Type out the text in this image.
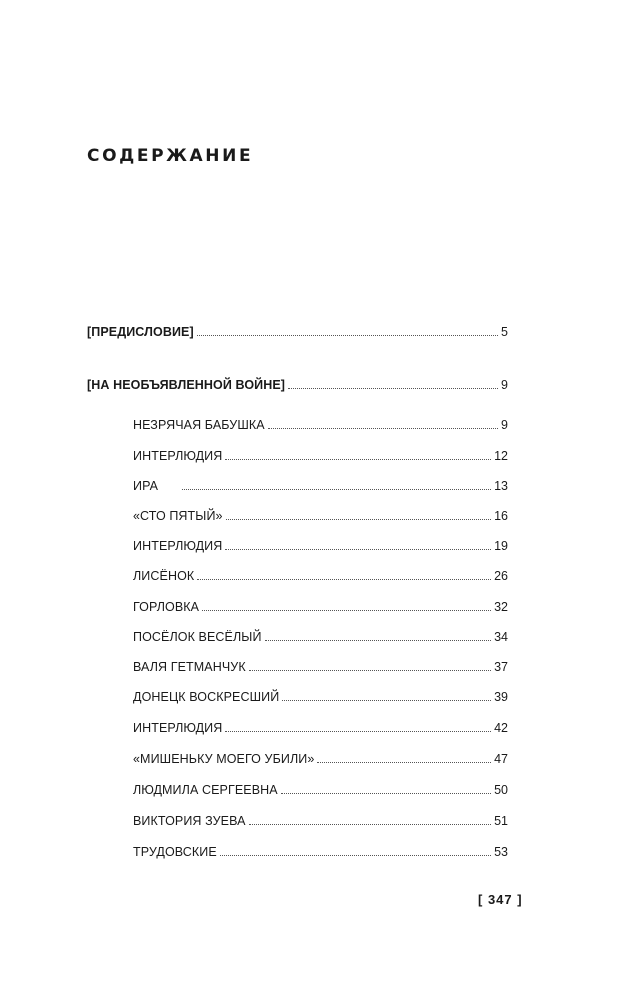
СОДЕРЖАНИЕ
[ПРЕДИСЛОВИЕ]	5
[НА НЕОБЪЯВЛЕННОЙ ВОЙНЕ]	9
НЕЗРЯЧАЯ БАБУШКА	9
ИНТЕРЛЮДИЯ	12
ИРА	13
«СТО ПЯТЫЙ»	16
ИНТЕРЛЮДИЯ	19
ЛИСЁНОК	26
ГОРЛОВКА	32
ПОСЁЛОК ВЕСЁЛЫЙ	34
ВАЛЯ ГЕТМАНЧУК	37
ДОНЕЦК ВОСКРЕСШИЙ	39
ИНТЕРЛЮДИЯ	42
«МИШЕНЬКУ МОЕГО УБИЛИ»	47
ЛЮДМИЛА СЕРГЕЕВНА	50
ВИКТОРИЯ ЗУЕВА	51
ТРУДОВСКИЕ	53
[ 347 ]
